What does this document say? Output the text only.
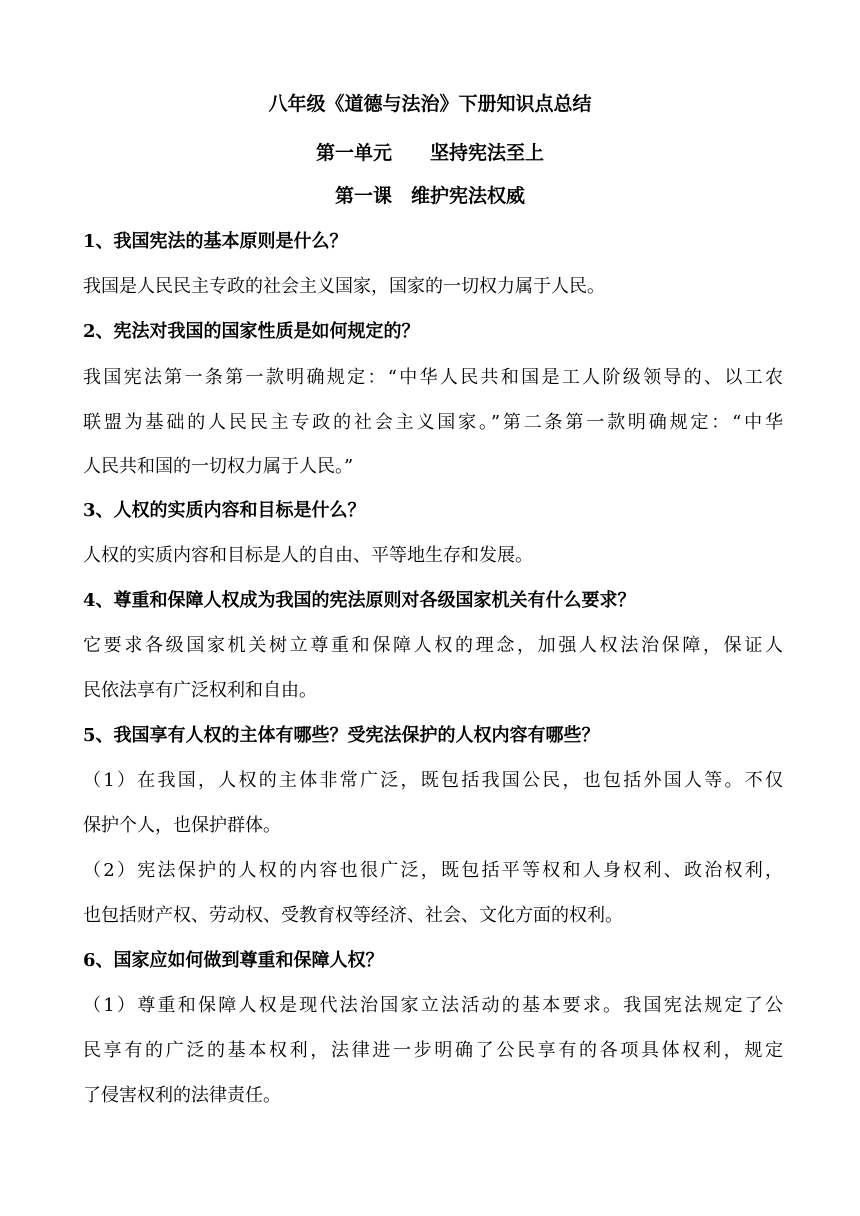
八年级《道德与法治》下册知识点总结
第一单元　　坚持宪法至上
第一课　维护宪法权威
1、我国宪法的基本原则是什么？
我国是人民民主专政的社会主义国家，国家的一切权力属于人民。
2、宪法对我国的国家性质是如何规定的？
我国宪法第一条第一款明确规定：“中华人民共和国是工人阶级领导的、以工农
联盟为基础的人民民主专政的社会主义国家。”第二条第一款明确规定：“中华
人民共和国的一切权力属于人民。”
3、人权的实质内容和目标是什么？
人权的实质内容和目标是人的自由、平等地生存和发展。
4、尊重和保障人权成为我国的宪法原则对各级国家机关有什么要求？
它要求各级国家机关树立尊重和保障人权的理念，加强人权法治保障，保证人
民依法享有广泛权利和自由。
5、我国享有人权的主体有哪些？受宪法保护的人权内容有哪些？
（1）在我国，人权的主体非常广泛，既包括我国公民，也包括外国人等。不仅
保护个人，也保护群体。
（2）宪法保护的人权的内容也很广泛，既包括平等权和人身权利、政治权利，
也包括财产权、劳动权、受教育权等经济、社会、文化方面的权利。
6、国家应如何做到尊重和保障人权？
（1）尊重和保障人权是现代法治国家立法活动的基本要求。我国宪法规定了公
民享有的广泛的基本权利，法律进一步明确了公民享有的各项具体权利，规定
了侵害权利的法律责任。
